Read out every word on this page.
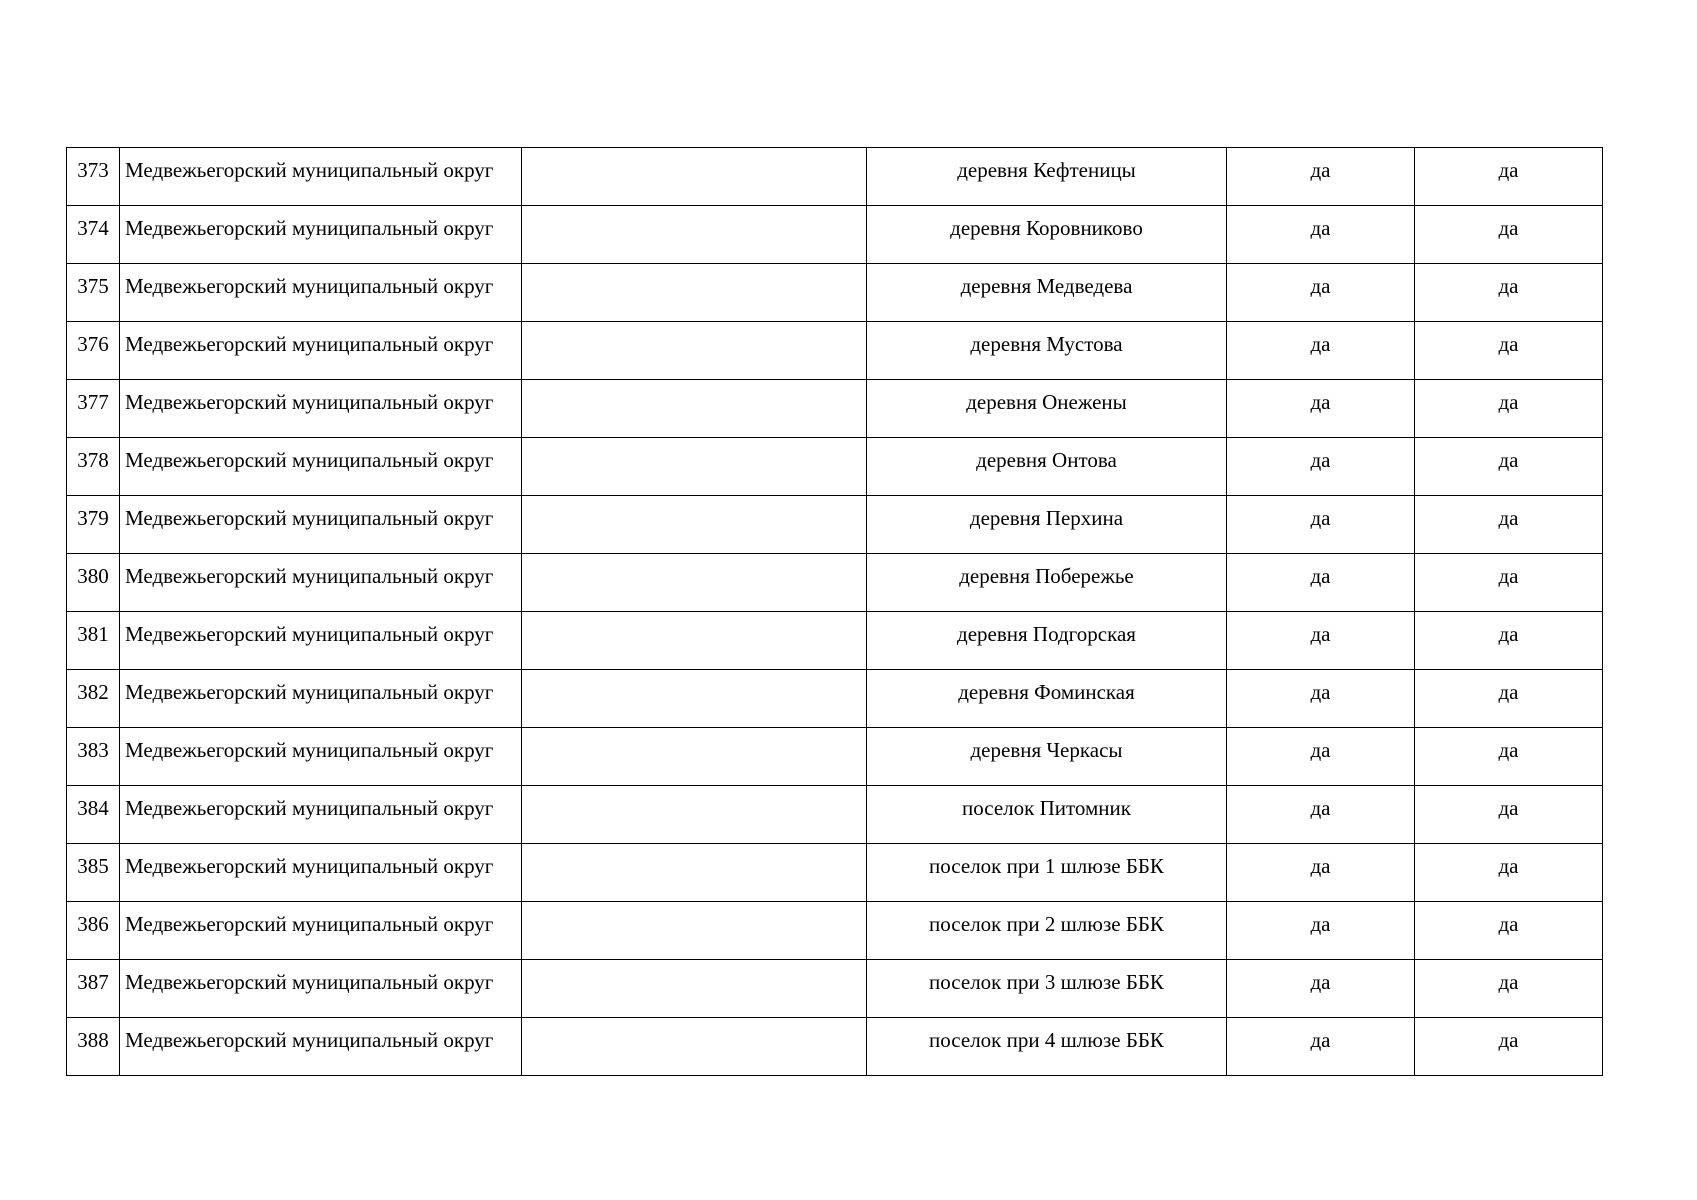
373	Медвежьегорский муниципальный округ		деревня Кефтеницы	да	да
374	Медвежьегорский муниципальный округ		деревня Коровниково	да	да
375	Медвежьегорский муниципальный округ		деревня Медведева	да	да
376	Медвежьегорский муниципальный округ		деревня Мустова	да	да
377	Медвежьегорский муниципальный округ		деревня Онежены	да	да
378	Медвежьегорский муниципальный округ		деревня Онтова	да	да
379	Медвежьегорский муниципальный округ		деревня Перхина	да	да
380	Медвежьегорский муниципальный округ		деревня Побережье	да	да
381	Медвежьегорский муниципальный округ		деревня Подгорская	да	да
382	Медвежьегорский муниципальный округ		деревня Фоминская	да	да
383	Медвежьегорский муниципальный округ		деревня Черкасы	да	да
384	Медвежьегорский муниципальный округ		поселок Питомник	да	да
385	Медвежьегорский муниципальный округ		поселок при 1 шлюзе ББК	да	да
386	Медвежьегорский муниципальный округ		поселок при 2 шлюзе ББК	да	да
387	Медвежьегорский муниципальный округ		поселок при 3 шлюзе ББК	да	да
388	Медвежьегорский муниципальный округ		поселок при 4 шлюзе ББК	да	да
